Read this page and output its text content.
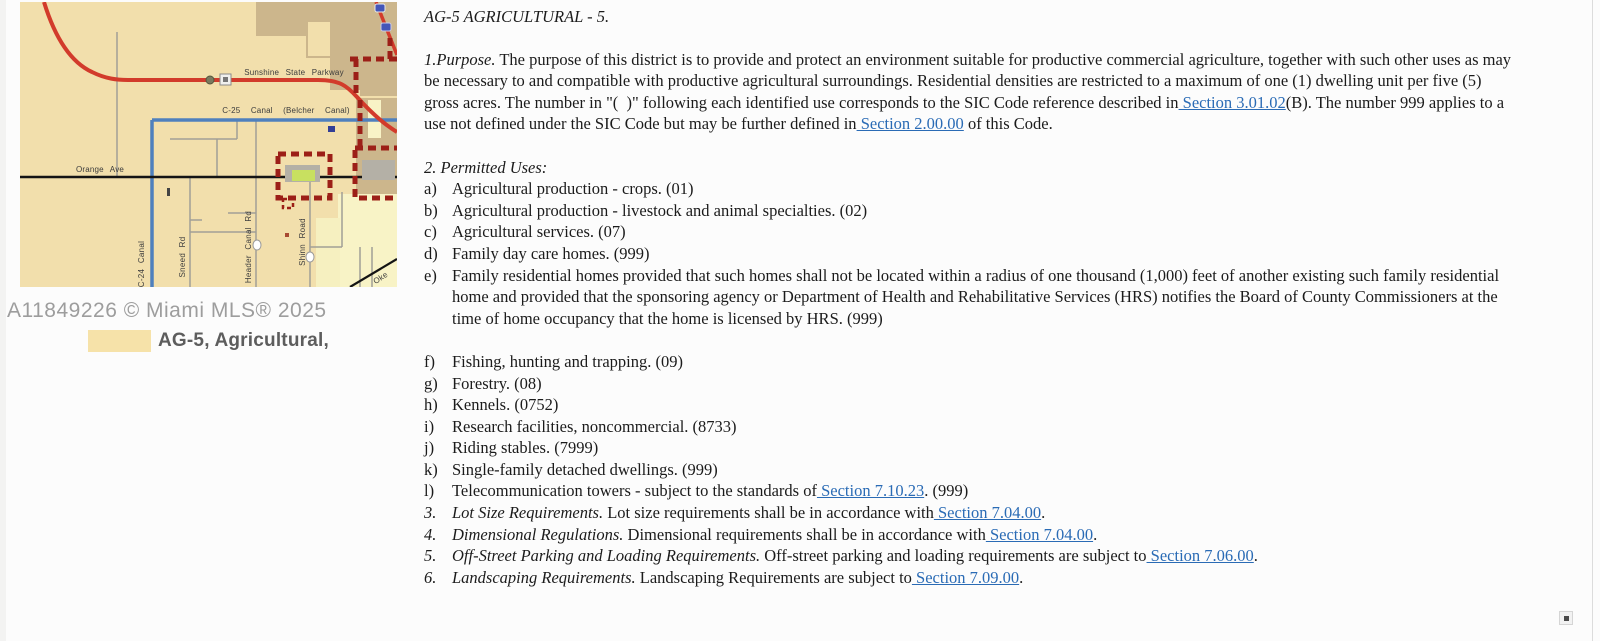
Sunshine State Parkway
C-25 Canal (Belcher Canal)
Orange Ave
C-24 Canal	Sneed Rd	Header Canal Rd	Shinn Road
Oke
A11849226 © Miami MLS® 2025
AG-5, Agricultural,
AG-5 AGRICULTURAL - 5.
1.Purpose. The purpose of this district is to provide and protect an environment suitable for productive commercial agriculture, together with such other uses as may be necessary to and compatible with productive agricultural surroundings. Residential densities are restricted to a maximum of one (1) dwelling unit per five (5) gross acres. The number in "(  )" following each identified use corresponds to the SIC Code reference described in Section 3.01.02(B). The number 999 applies to a use not defined under the SIC Code but may be further defined in Section 2.00.00 of this Code.
2. Permitted Uses:
a) Agricultural production - crops. (01)
b) Agricultural production - livestock and animal specialties. (02)
c) Agricultural services. (07)
d) Family day care homes. (999)
e) Family residential homes provided that such homes shall not be located within a radius of one thousand (1,000) feet of another existing such family residential home and provided that the sponsoring agency or Department of Health and Rehabilitative Services (HRS) notifies the Board of County Commissioners at the time of home occupancy that the home is licensed by HRS. (999)
f) Fishing, hunting and trapping. (09)
g) Forestry. (08)
h) Kennels. (0752)
i) Research facilities, noncommercial. (8733)
j) Riding stables. (7999)
k) Single-family detached dwellings. (999)
l) Telecommunication towers - subject to the standards of Section 7.10.23. (999)
3. Lot Size Requirements. Lot size requirements shall be in accordance with Section 7.04.00.
4. Dimensional Regulations. Dimensional requirements shall be in accordance with Section 7.04.00.
5. Off-Street Parking and Loading Requirements. Off-street parking and loading requirements are subject to Section 7.06.00.
6. Landscaping Requirements. Landscaping Requirements are subject to Section 7.09.00.
